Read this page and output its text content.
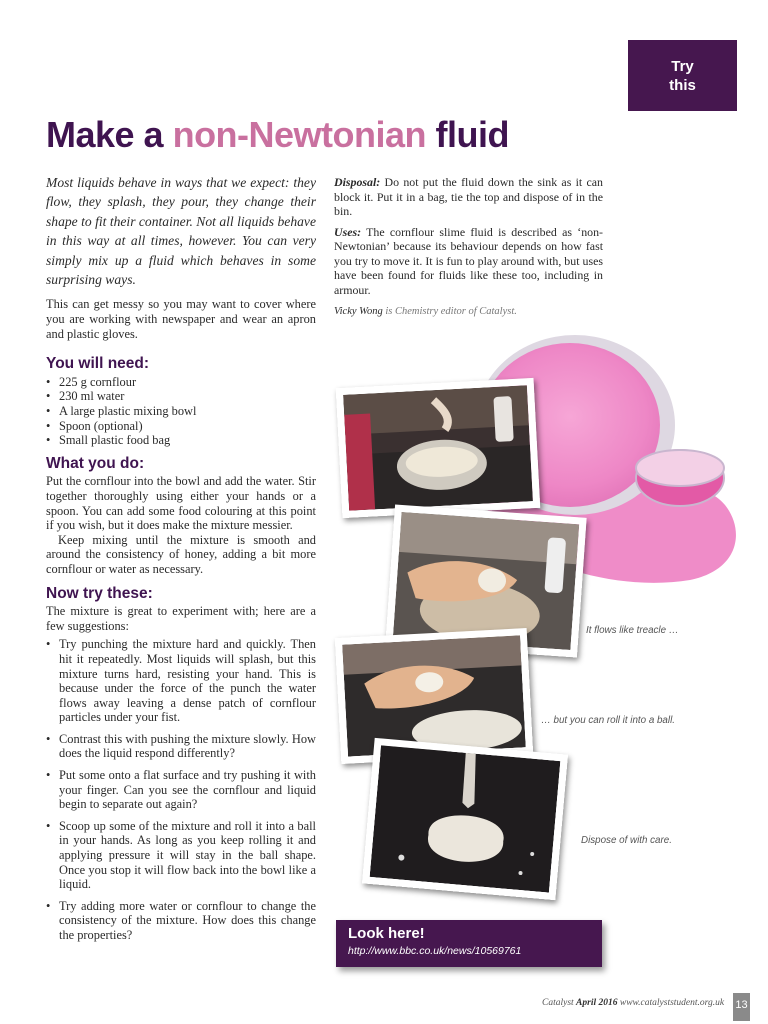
Try
this
Make a non-Newtonian fluid

Most liquids behave in ways that we expect: they flow, they splash, they pour, they change their shape to fit their container. Not all liquids behave in this way at all times, however. You can very simply mix up a fluid which behaves in some surprising ways.

This can get messy so you may want to cover where you are working with newspaper and wear an apron and plastic gloves.

You will need:
• 225 g cornflour
• 230 ml water
• A large plastic mixing bowl
• Spoon (optional)
• Small plastic food bag
What you do:

Put the cornflour into the bowl and add the water. Stir together thoroughly using either your hands or a spoon. You can add some food colouring at this point if you wish, but it does make the mixture messier.

Keep mixing until the mixture is smooth and around the consistency of honey, adding a bit more cornflour or water as necessary.

Now try these:

The mixture is great to experiment with; here are a few suggestions:

• Try punching the mixture hard and quickly. Then hit it repeatedly. Most liquids will splash, but this mixture turns hard, resisting your hand. This is because under the force of the punch the water flows away leaving a dense patch of cornflour particles under your fist.
• Contrast this with pushing the mixture slowly. How does the liquid respond differently?
• Put some onto a flat surface and try pushing it with your finger. Can you see the cornflour and liquid begin to separate out again?
• Scoop up some of the mixture and roll it into a ball in your hands. As long as you keep rolling it and applying pressure it will stay in the ball shape. Once you stop it will flow back into the bowl like a liquid.
• Try adding more water or cornflour to change the consistency of the mixture. How does this change the properties?

Disposal: Do not put the fluid down the sink as it can block it. Put it in a bag, tie the top and dispose of in the bin.

Uses: The cornflour slime fluid is described as ‘non-Newtonian’ because its behaviour depends on how fast you try to move it. It is fun to play around with, but uses have been found for fluids like these too, including in armour.

Vicky Wong is Chemistry editor of Catalyst.

It flows like treacle …
… but you can roll it into a ball.
Dispose of with care.
Look here!
http://www.bbc.co.uk/news/10569761
Catalyst April 2016 www.catalyststudent.org.uk 13
